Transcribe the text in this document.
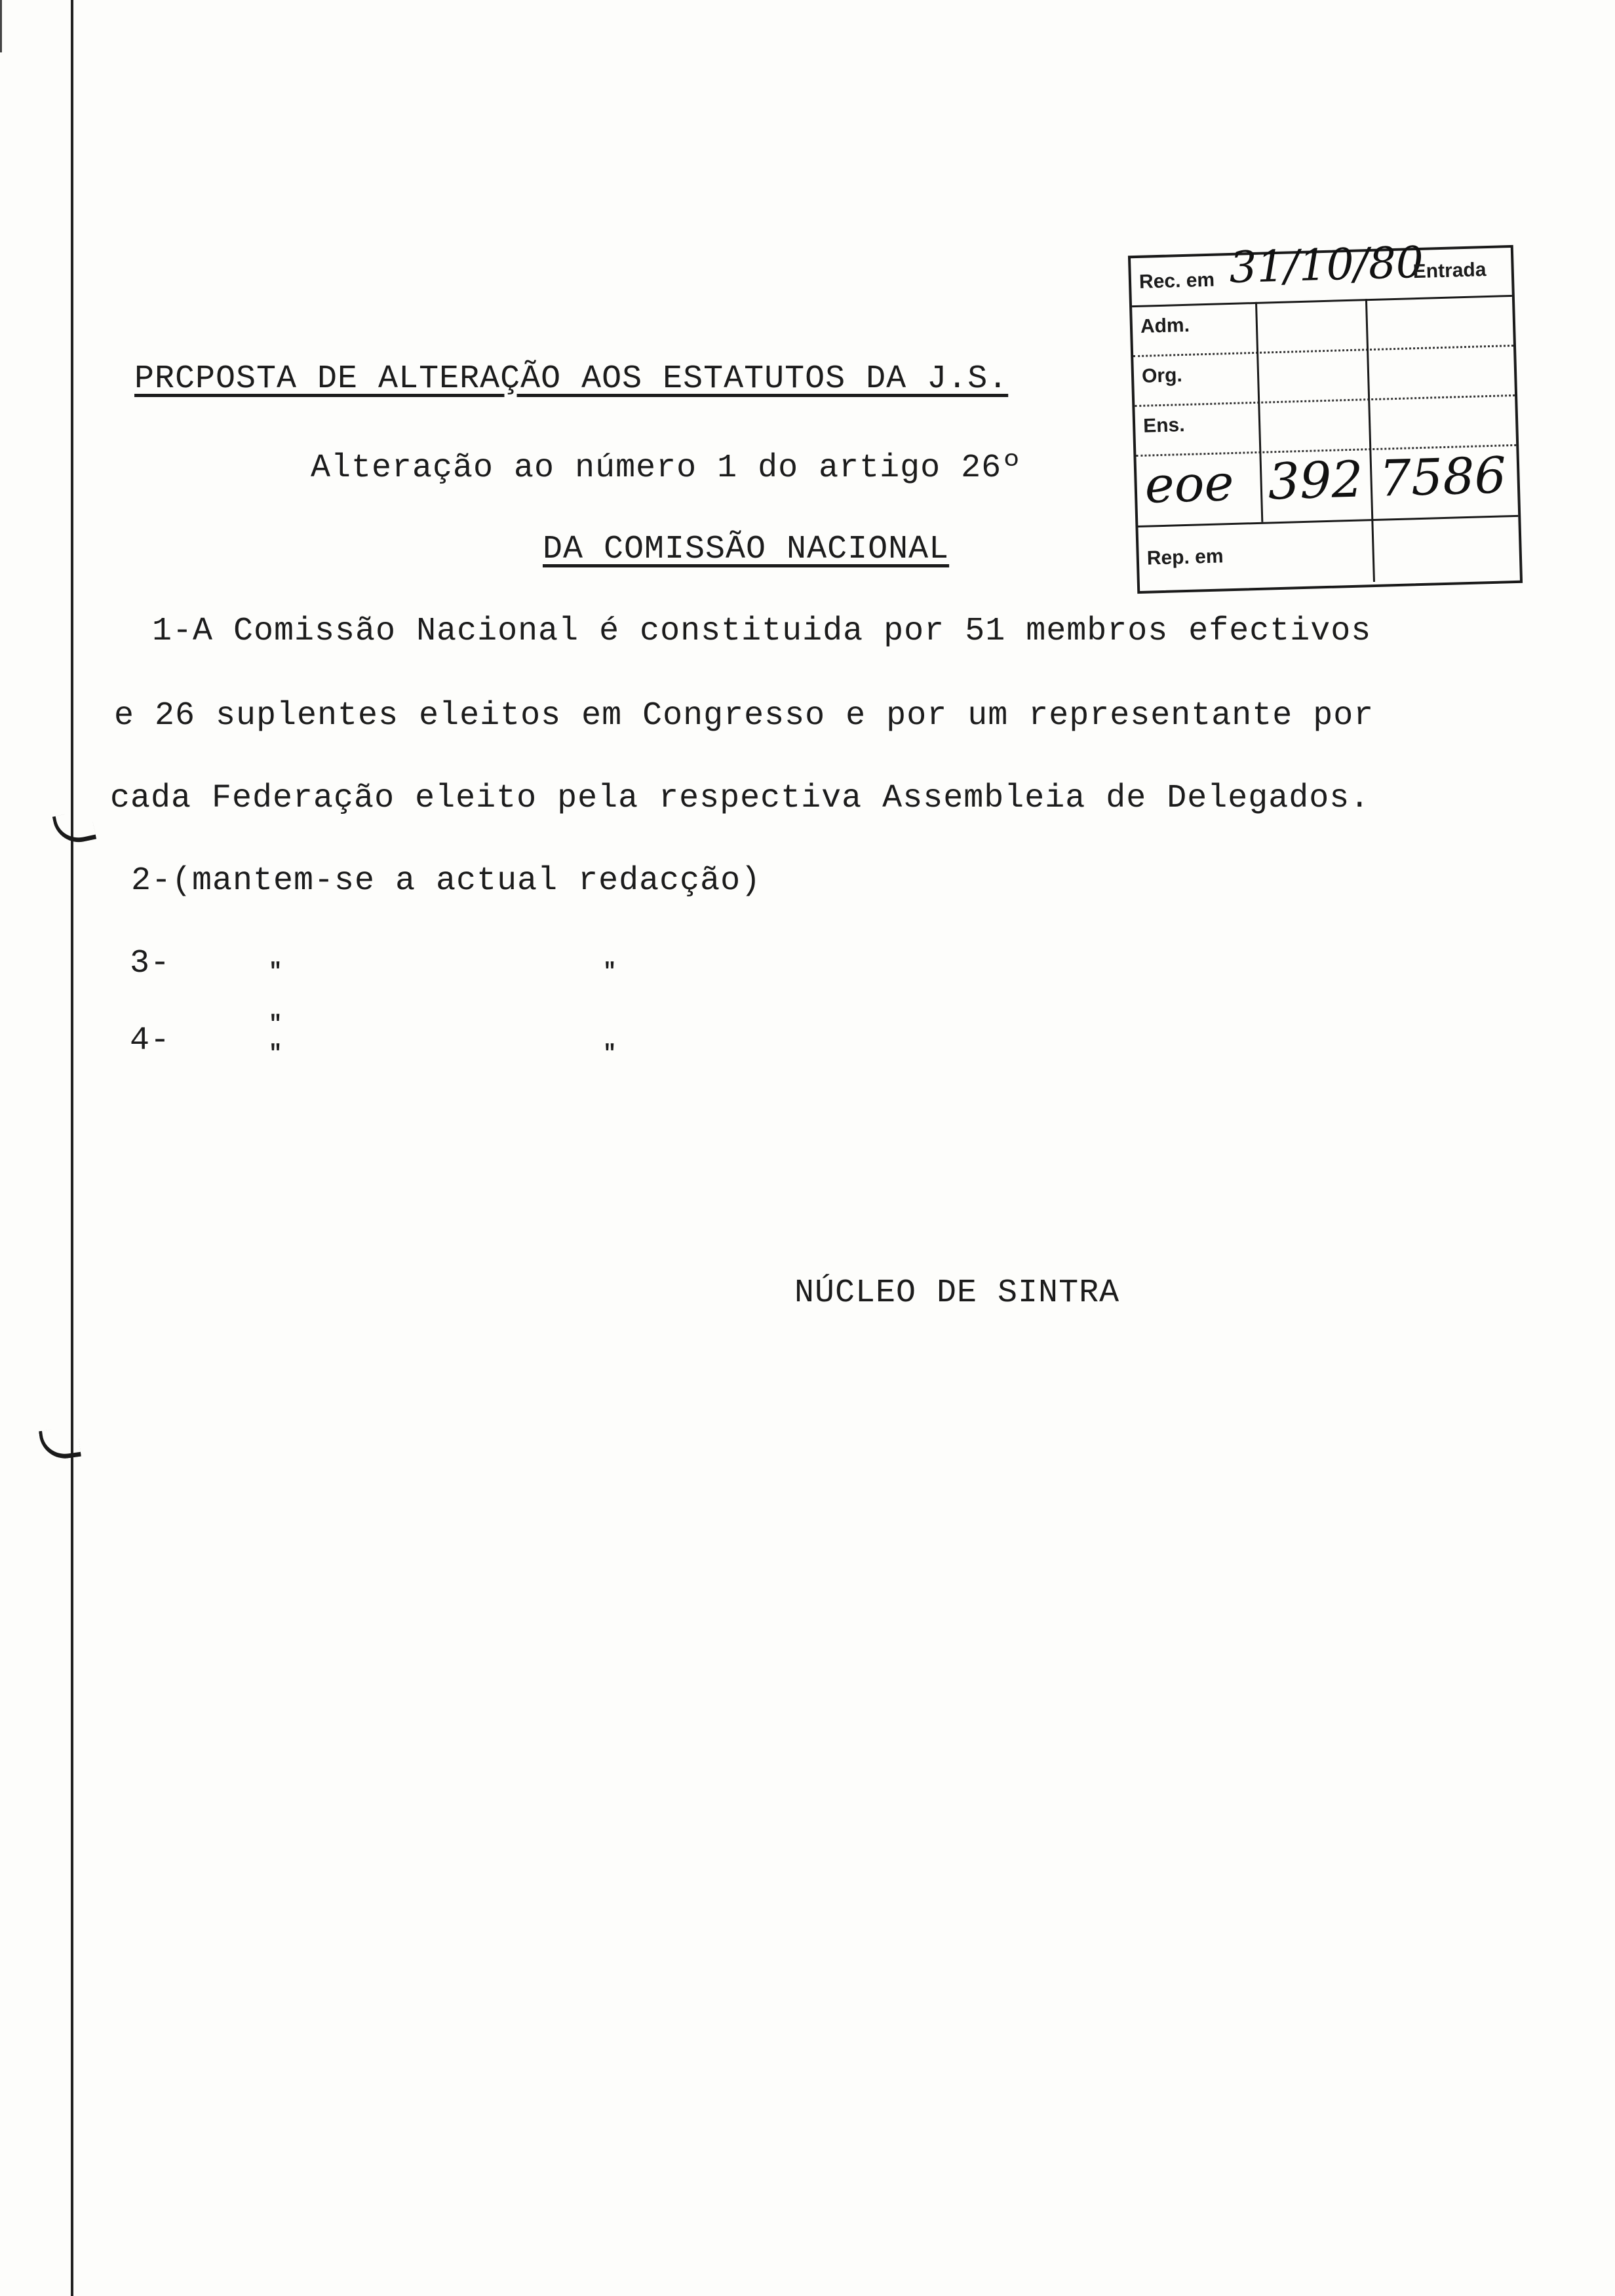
PRCPOSTA DE ALTERAÇÃO AOS ESTATUTOS DA J.S.
Alteração ao número 1 do artigo 26º
DA COMISSÃO NACIONAL
1-A Comissão Nacional é constituida por 51 membros efectivos
e 26 suplentes eleitos em Congresso e por um representante por
cada Federação eleito pela respectiva Assembleia de Delegados.
2-(mantem-se a actual redacção)
3-
4-
"	"
"
"	"
NÚCLEO DE SINTRA
Rec. em 31/10/80
Entrada
Adm.
Org.
Ens.
eoe 392 7586
Rep. em
